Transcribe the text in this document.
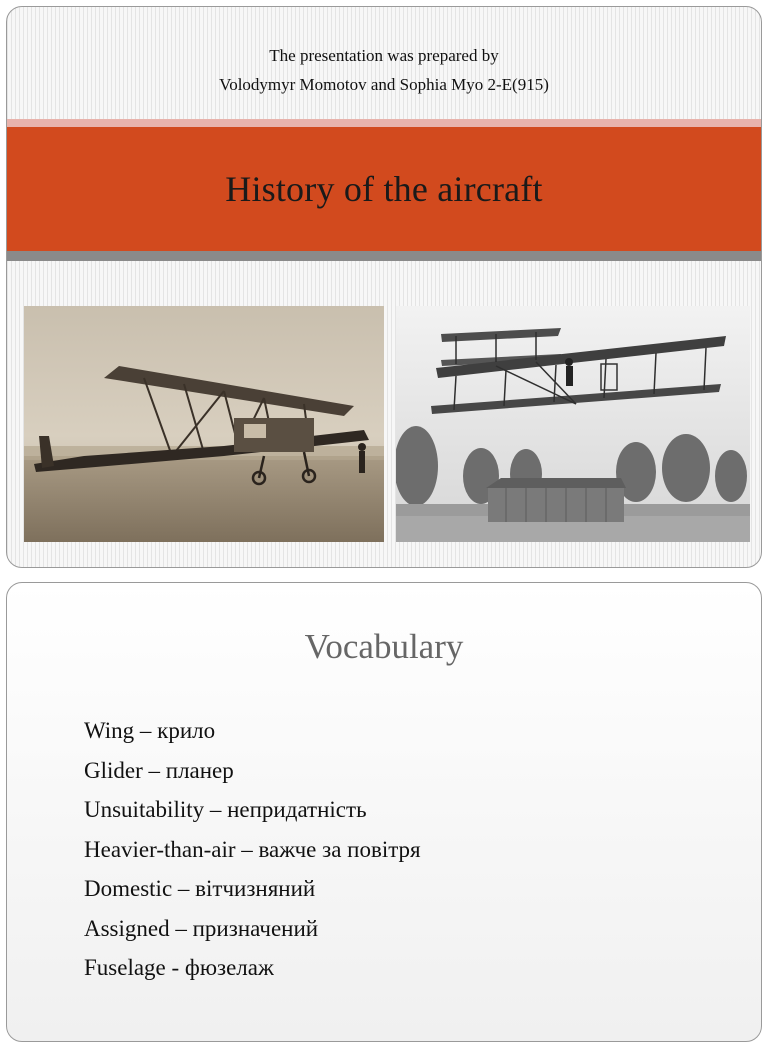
The presentation was prepared by
Volodymyr Momotov and Sophia Myo 2-E(915)
History of the aircraft
Vocabulary
Wing – крило
Glider – планер
Unsuitability – непридатність
Heavier-than-air – важче за повітря
Domestic – вітчизняний
Assigned – призначений
Fuselage - фюзелаж
